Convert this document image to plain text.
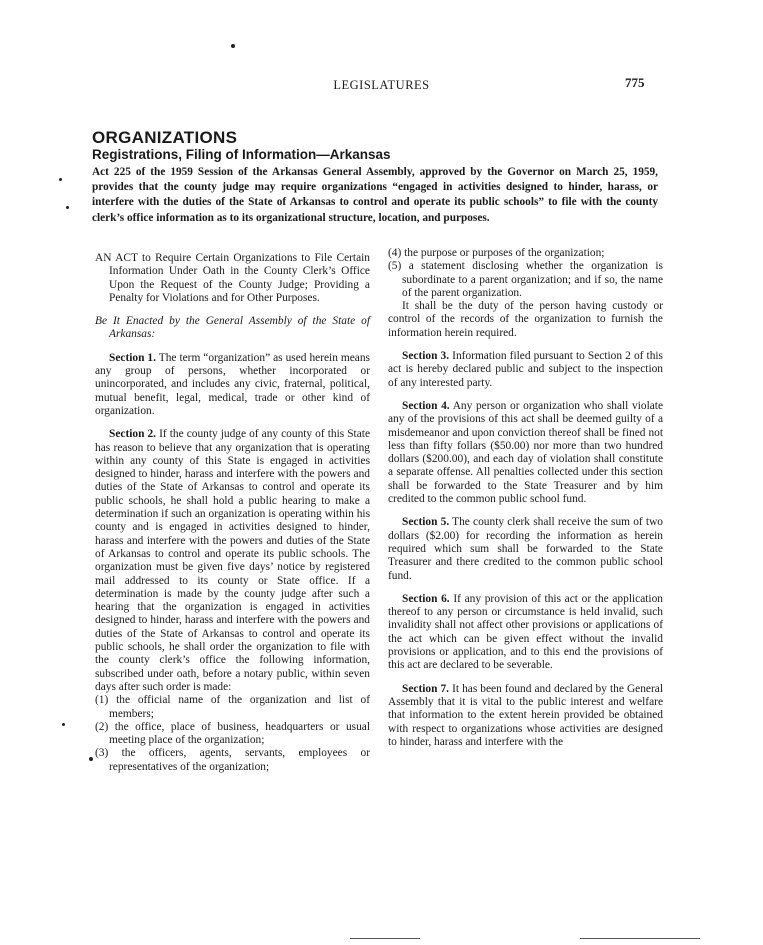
LEGISLATURES	775
ORGANIZATIONS
Registrations, Filing of Information—Arkansas
Act 225 of the 1959 Session of the Arkansas General Assembly, approved by the Governor on March 25, 1959, provides that the county judge may require organizations “engaged in activities designed to hinder, harass, or interfere with the duties of the State of Arkansas to control and operate its public schools” to file with the county clerk’s office information as to its organizational structure, location, and purposes.

AN ACT to Require Certain Organizations to File Certain Information Under Oath in the County Clerk’s Office Upon the Request of the County Judge; Providing a Penalty for Violations and for Other Purposes.

Be It Enacted by the General Assembly of the State of Arkansas:

Section 1. The term “organization” as used herein means any group of persons, whether incorporated or unincorporated, and includes any civic, fraternal, political, mutual benefit, legal, medical, trade or other kind of organization.

Section 2. If the county judge of any county of this State has reason to believe that any organization that is operating within any county of this State is engaged in activities designed to hinder, harass and interfere with the powers and duties of the State of Arkansas to control and operate its public schools, he shall hold a public hearing to make a determination if such an organization is operating within his county and is engaged in activities designed to hinder, harass and interfere with the powers and duties of the State of Arkansas to control and operate its public schools. The organization must be given five days’ notice by registered mail addressed to its county or State office. If a determination is made by the county judge after such a hearing that the organization is engaged in activities designed to hinder, harass and interfere with the powers and duties of the State of Arkansas to control and operate its public schools, he shall order the organization to file with the county clerk’s office the following information, subscribed under oath, before a notary public, within seven days after such order is made:

(1) the official name of the organization and list of members;

(2) the office, place of business, headquarters or usual meeting place of the organization;

(3) the officers, agents, servants, employees or representatives of the organization;

(4) the purpose or purposes of the organization;

(5) a statement disclosing whether the organization is subordinate to a parent organization; and if so, the name of the parent organization.

It shall be the duty of the person having custody or control of the records of the organization to furnish the information herein required.

Section 3. Information filed pursuant to Section 2 of this act is hereby declared public and subject to the inspection of any interested party.

Section 4. Any person or organization who shall violate any of the provisions of this act shall be deemed guilty of a misdemeanor and upon conviction thereof shall be fined not less than fifty follars ($50.00) nor more than two hundred dollars ($200.00), and each day of violation shall constitute a separate offense. All penalties collected under this section shall be forwarded to the State Treasurer and by him credited to the common public school fund.

Section 5. The county clerk shall receive the sum of two dollars ($2.00) for recording the information as herein required which sum shall be forwarded to the State Treasurer and there credited to the common public school fund.

Section 6. If any provision of this act or the application thereof to any person or circumstance is held invalid, such invalidity shall not affect other provisions or applications of the act which can be given effect without the invalid provisions or application, and to this end the provisions of this act are declared to be severable.

Section 7. It has been found and declared by the General Assembly that it is vital to the public interest and welfare that information to the extent herein provided be obtained with respect to organizations whose activities are designed to hinder, harass and interfere with the
